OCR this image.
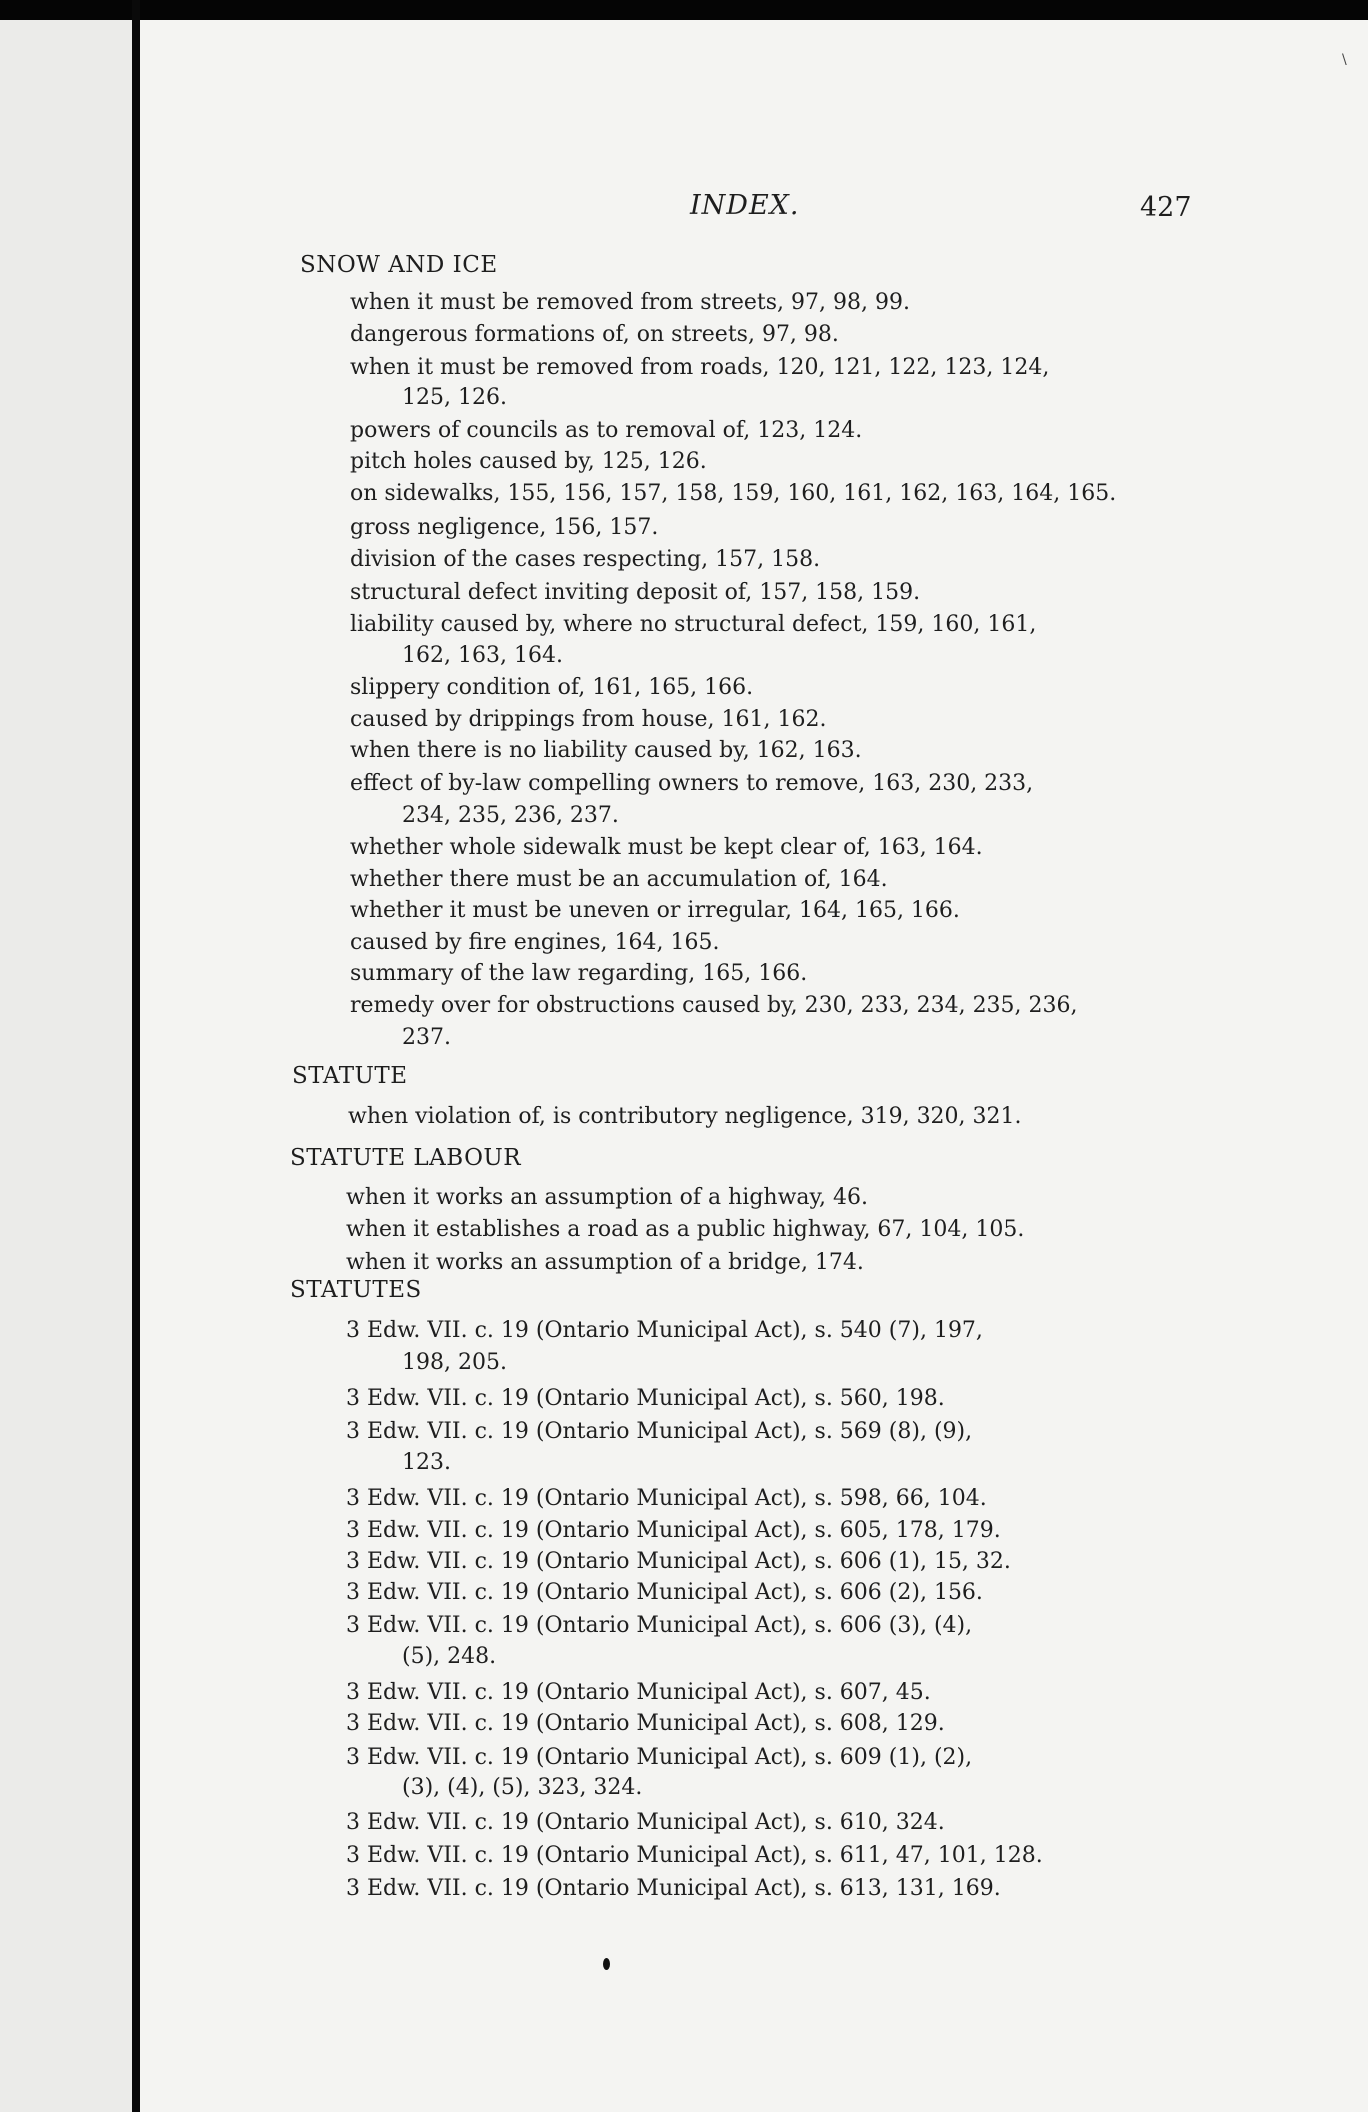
\
INDEX.	427
SNOW AND ICE
when it must be removed from streets, 97, 98, 99.
dangerous formations of, on streets, 97, 98.
when it must be removed from roads, 120, 121, 122, 123, 124,
125, 126.
powers of councils as to removal of, 123, 124.
pitch holes caused by, 125, 126.
on sidewalks, 155, 156, 157, 158, 159, 160, 161, 162, 163, 164, 165.
gross negligence, 156, 157.
division of the cases respecting, 157, 158.
structural defect inviting deposit of, 157, 158, 159.
liability caused by, where no structural defect, 159, 160, 161,
162, 163, 164.
slippery condition of, 161, 165, 166.
caused by drippings from house, 161, 162.
when there is no liability caused by, 162, 163.
effect of by-law compelling owners to remove, 163, 230, 233,
234, 235, 236, 237.
whether whole sidewalk must be kept clear of, 163, 164.
whether there must be an accumulation of, 164.
whether it must be uneven or irregular, 164, 165, 166.
caused by fire engines, 164, 165.
summary of the law regarding, 165, 166.
remedy over for obstructions caused by, 230, 233, 234, 235, 236,
237.
STATUTE
when violation of, is contributory negligence, 319, 320, 321.
STATUTE LABOUR
when it works an assumption of a highway, 46.
when it establishes a road as a public highway, 67, 104, 105.
when it works an assumption of a bridge, 174.
STATUTES
3 Edw. VII. c. 19 (Ontario Municipal Act), s. 540 (7), 197,
198, 205.
3 Edw. VII. c. 19 (Ontario Municipal Act), s. 560, 198.
3 Edw. VII. c. 19 (Ontario Municipal Act), s. 569 (8), (9),
123.
3 Edw. VII. c. 19 (Ontario Municipal Act), s. 598, 66, 104.
3 Edw. VII. c. 19 (Ontario Municipal Act), s. 605, 178, 179.
3 Edw. VII. c. 19 (Ontario Municipal Act), s. 606 (1), 15, 32.
3 Edw. VII. c. 19 (Ontario Municipal Act), s. 606 (2), 156.
3 Edw. VII. c. 19 (Ontario Municipal Act), s. 606 (3), (4),
(5), 248.
3 Edw. VII. c. 19 (Ontario Municipal Act), s. 607, 45.
3 Edw. VII. c. 19 (Ontario Municipal Act), s. 608, 129.
3 Edw. VII. c. 19 (Ontario Municipal Act), s. 609 (1), (2),
(3), (4), (5), 323, 324.
3 Edw. VII. c. 19 (Ontario Municipal Act), s. 610, 324.
3 Edw. VII. c. 19 (Ontario Municipal Act), s. 611, 47, 101, 128.
3 Edw. VII. c. 19 (Ontario Municipal Act), s. 613, 131, 169.
